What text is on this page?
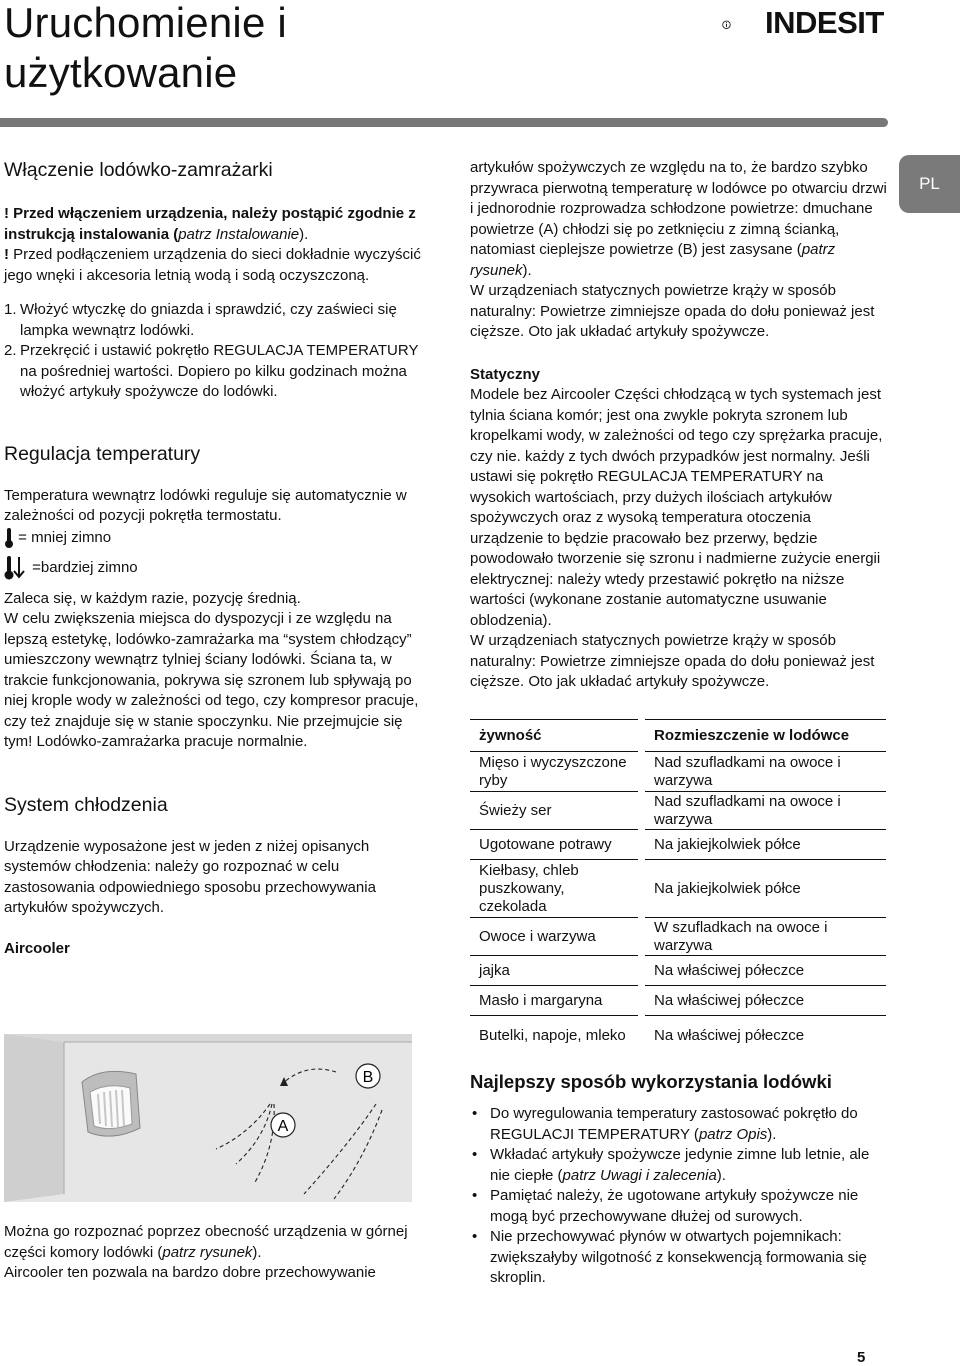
Uruchomienie i
użytkowanie
INDESIT
PL
Włączenie lodówko-zamrażarki

! Przed włączeniem urządzenia, należy postąpić zgodnie z instrukcją instalowania (patrz Instalowanie).

! Przed podłączeniem urządzenia do sieci dokładnie wyczyścić jego wnęki i akcesoria letnią wodą i sodą oczyszczoną.

1. Włożyć wtyczkę do gniazda i sprawdzić, czy zaświeci się lampka wewnątrz lodówki.
2. Przekręcić i ustawić pokrętło REGULACJA TEMPERATURY na pośredniej wartości. Dopiero po kilku godzinach można włożyć artykuły spożywcze do lodówki.
Regulacja temperatury

Temperatura wewnątrz lodówki reguluje się automatycznie w zależności od pozycji pokrętła termostatu.

= mniej zimno
=bardziej zimno

Zaleca się, w każdym razie, pozycję średnią.

W celu zwiększenia miejsca do dyspozycji i ze względu na lepszą estetykę, lodówko-zamrażarka ma “system chłodzący” umieszczony wewnątrz tylniej ściany lodówki. Ściana ta, w trakcie funkcjonowania, pokrywa się szronem lub spływają po niej krople wody w zależności od tego, czy kompresor pracuje, czy też znajduje się w stanie spoczynku. Nie przejmujcie się tym! Lodówko-zamrażarka pracuje normalnie.

System chłodzenia

Urządzenie wyposażone jest w jeden z niżej opisanych systemów chłodzenia: należy go rozpoznać w celu zastosowania odpowiedniego sposobu przechowywania artykułów spożywczych.

Aircooler

A
B

Można go rozpoznać poprzez obecność urządzenia w górnej części komory lodówki (patrz rysunek).

Aircooler ten pozwala na bardzo dobre przechowywanie

artykułów spożywczych ze względu na to, że bardzo szybko przywraca pierwotną temperaturę w lodówce po otwarciu drzwi i jednorodnie rozprowadza schłodzone powietrze: dmuchane powietrze (A) chłodzi się po zetknięciu z zimną ścianką, natomiast cieplejsze powietrze (B) jest zasysane (patrz rysunek).

W urządzeniach statycznych powietrze krąży w sposób naturalny: Powietrze zimniejsze opada do dołu ponieważ jest cięższe. Oto jak układać artykuły spożywcze.

Statyczny

Modele bez Aircooler Części chłodzącą w tych systemach jest tylnia ściana komór; jest ona zwykle pokryta szronem lub kropelkami wody, w zależności od tego czy sprężarka pracuje, czy nie. każdy z tych dwóch przypadków jest normalny. Jeśli ustawi się pokrętło REGULACJA TEMPERATURY na wysokich wartościach, przy dużych ilościach artykułów spożywczych oraz z wysoką temperatura otoczenia urządzenie to będzie pracowało bez przerwy, będzie powodowało tworzenie się szronu i nadmierne zużycie energii elektrycznej: należy wtedy przestawić pokrętło na niższe wartości (wykonane zostanie automatyczne usuwanie oblodzenia).

W urządzeniach statycznych powietrze krąży w sposób naturalny: Powietrze zimniejsze opada do dołu ponieważ jest cięższe. Oto jak układać artykuły spożywcze.

żywność		Rozmieszczenie w lodówce
Mięso i wyczyszczone ryby		Nad szufladkami na owoce i warzywa
Świeży ser		Nad szufladkami na owoce i warzywa
Ugotowane potrawy		Na jakiejkolwiek półce
Kiełbasy, chleb puszkowany, czekolada		Na jakiejkolwiek półce
Owoce i warzywa		W szufladkach na owoce i warzywa
jajka		Na właściwej półeczce
Masło i margaryna		Na właściwej półeczce
Butelki, napoje, mleko		Na właściwej półeczce
Najlepszy sposób wykorzystania lodówki
• Do wyregulowania temperatury zastosować pokrętło do REGULACJI TEMPERATURY (patrz Opis).
• Wkładać artykuły spożywcze jedynie zimne lub letnie, ale nie ciepłe (patrz Uwagi i zalecenia).
• Pamiętać należy, że ugotowane artykuły spożywcze nie mogą być przechowywane dłużej od surowych.
• Nie przechowywać płynów w otwartych pojemnikach: zwiększałyby wilgotność z konsekwencją formowania się skroplin.
5
